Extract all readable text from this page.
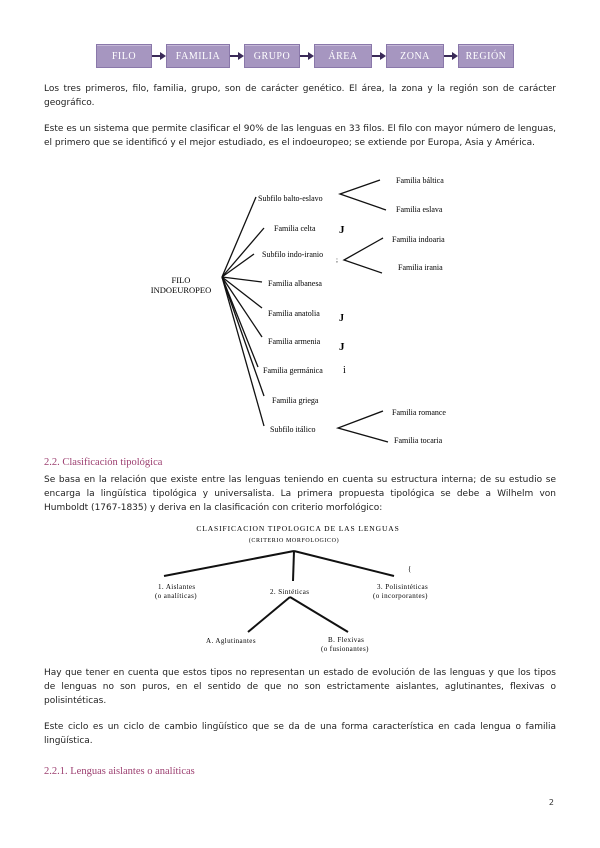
FILO	FAMILIA	GRUPO	ÁREA	ZONA	REGIÓN

Los tres primeros, filo, familia, grupo, son de carácter genético. El área, la zona y la región son de carácter geográfico.

Este es un sistema que permite clasificar el 90% de las lenguas en 33 filos. El filo con mayor número de lenguas, el primero que se identificó y el mejor estudiado, es el indoeuropeo; se extiende por Europa, Asia y América.

FILO
INDOEUROPEO
Subfilo balto-eslavo
Familia celta
Subfilo indo-iranio
Familia albanesa
Familia anatolia
Familia armenia
Familia germánica
Familia griega
Subfilo itálico
Familia báltica
Familia eslava
Familia indoaria
Familia irania
Familia romance
Familia tocaria
J
J
J
i
;

2.2. Clasificación tipológica

Se basa en la relación que existe entre las lenguas teniendo en cuenta su estructura interna; de su estudio se encarga la lingüística tipológica y universalista. La primera propuesta tipológica se debe a Wilhelm von Humboldt (1767-1835) y deriva en la clasificación con criterio morfológico:

CLASIFICACION TIPOLOGICA DE LAS LENGUAS
(CRITERIO MORFOLOGICO)
{
1. Aislantes
(o analíticas)	2. Sintéticas
3. Polisintéticas
(o incorporantes)
A. Aglutinantes	B. Flexivas
(o fusionantes)

Hay que tener en cuenta que estos tipos no representan un estado de evolución de las lenguas y que los tipos de lenguas no son puros, en el sentido de que no son estrictamente aislantes, aglutinantes, flexivas o polisintéticas.

Este ciclo es un ciclo de cambio lingüístico que se da de una forma característica en cada lengua o familia lingüística.

2.2.1. Lenguas aislantes o analíticas

2
